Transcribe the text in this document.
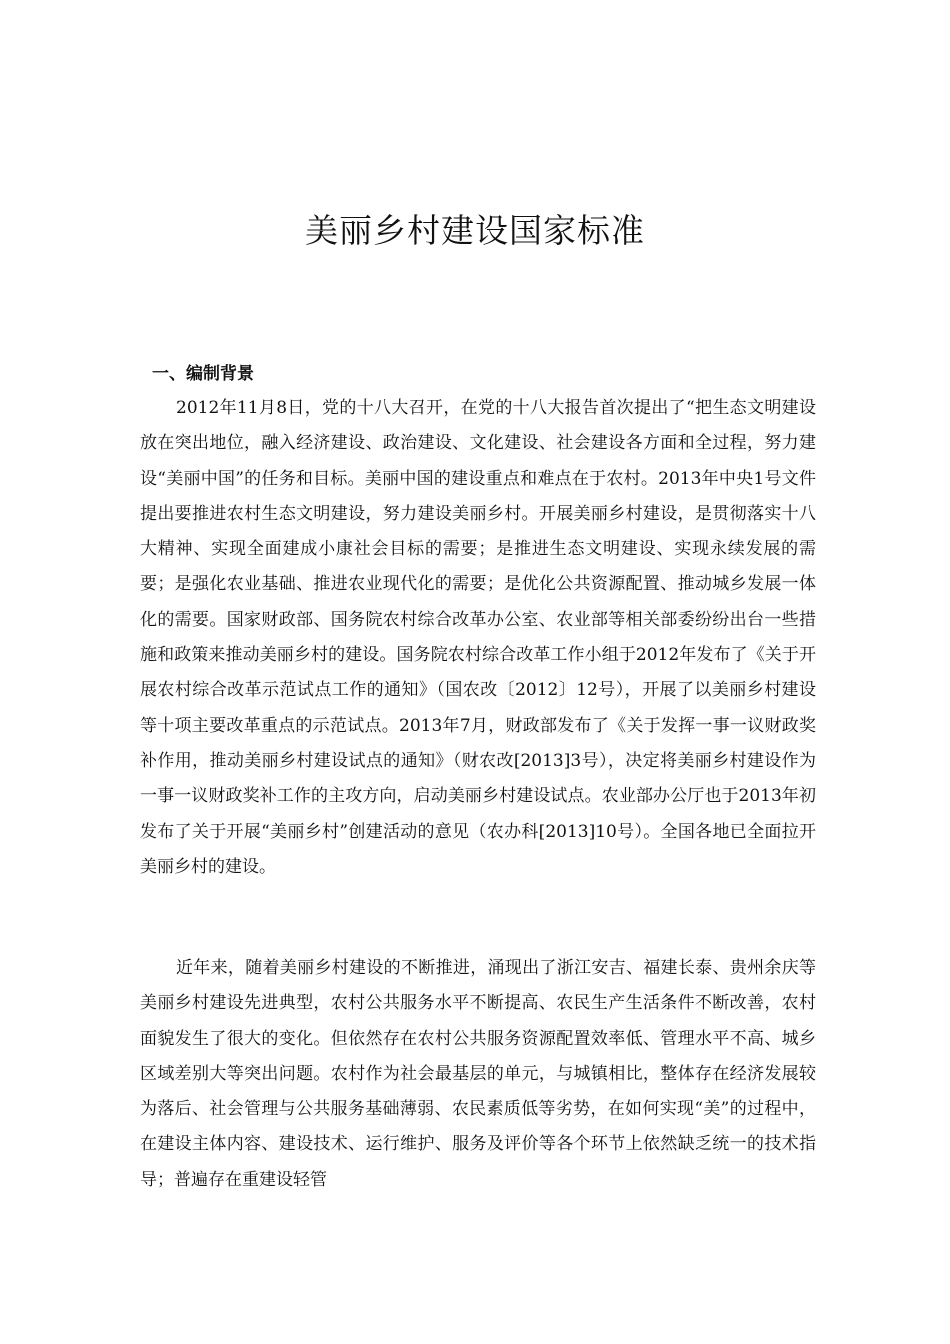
美丽乡村建设国家标准
一、编制背景

2012年11月8日，党的十八大召开，在党的十八大报告首次提出了“把生态文明建设放在突出地位，融入经济建设、政治建设、文化建设、社会建设各方面和全过程，努力建设“美丽中国”的任务和目标。美丽中国的建设重点和难点在于农村。2013年中央1号文件提出要推进农村生态文明建设，努力建设美丽乡村。开展美丽乡村建设，是贯彻落实十八大精神、实现全面建成小康社会目标的需要；是推进生态文明建设、实现永续发展的需要；是强化农业基础、推进农业现代化的需要；是优化公共资源配置、推动城乡发展一体化的需要。国家财政部、国务院农村综合改革办公室、农业部等相关部委纷纷出台一些措施和政策来推动美丽乡村的建设。国务院农村综合改革工作小组于2012年发布了《关于开展农村综合改革示范试点工作的通知》（国农改〔2012〕12号），开展了以美丽乡村建设等十项主要改革重点的示范试点。2013年7月，财政部发布了《关于发挥一事一议财政奖补作用，推动美丽乡村建设试点的通知》（财农改[2013]3号），决定将美丽乡村建设作为一事一议财政奖补工作的主攻方向，启动美丽乡村建设试点。农业部办公厅也于2013年初发布了关于开展“美丽乡村”创建活动的意见（农办科[2013]10号）。全国各地已全面拉开美丽乡村的建设。

近年来，随着美丽乡村建设的不断推进，涌现出了浙江安吉、福建长泰、贵州余庆等美丽乡村建设先进典型，农村公共服务水平不断提高、农民生产生活条件不断改善，农村面貌发生了很大的变化。但依然存在农村公共服务资源配置效率低、管理水平不高、城乡区域差别大等突出问题。农村作为社会最基层的单元，与城镇相比，整体存在经济发展较为落后、社会管理与公共服务基础薄弱、农民素质低等劣势，在如何实现“美”的过程中，在建设主体内容、建设技术、运行维护、服务及评价等各个环节上依然缺乏统一的技术指导；普遍存在重建设轻管
